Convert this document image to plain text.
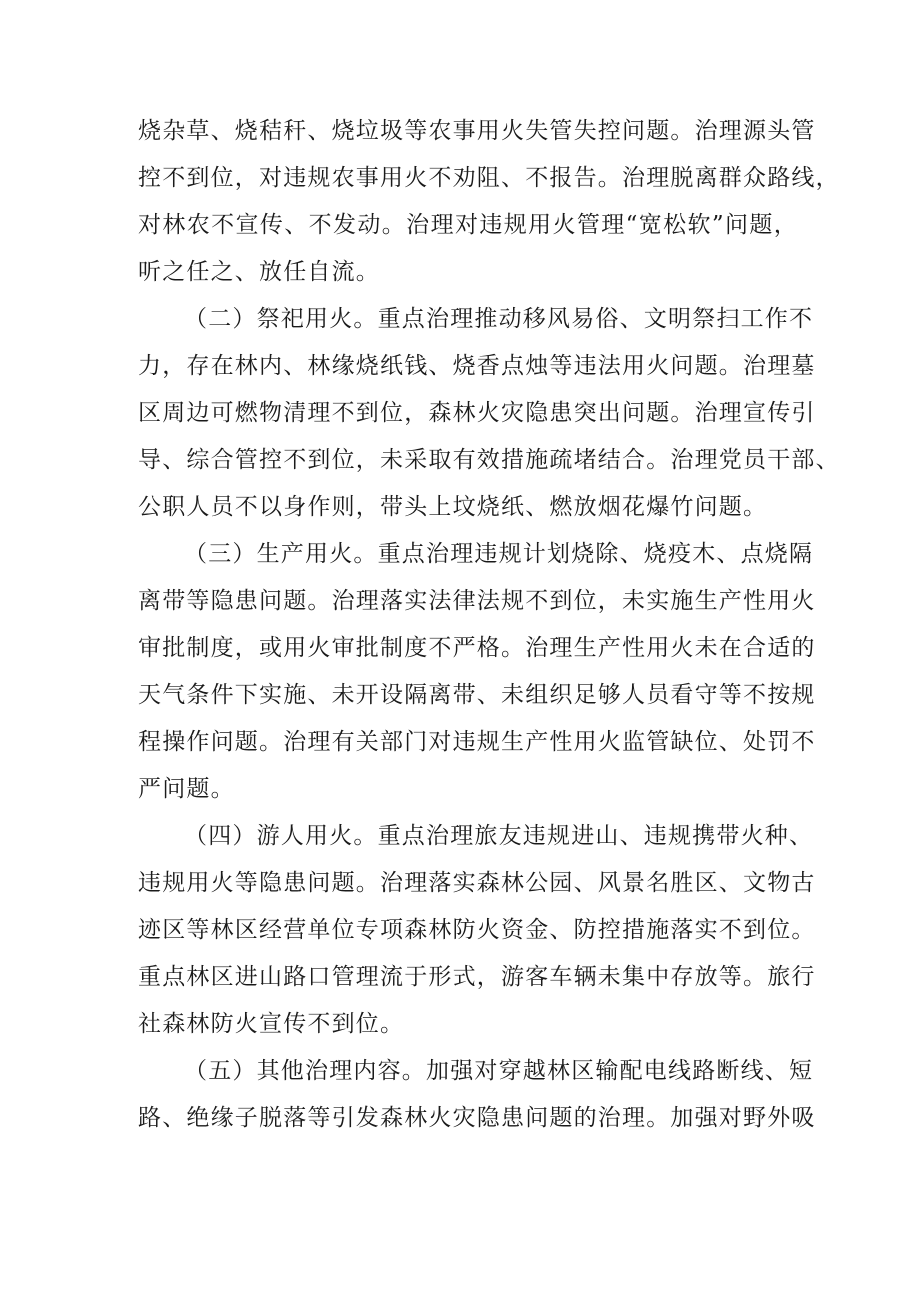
烧杂草、烧秸秆、烧垃圾等农事用火失管失控问题。治理源头管
控不到位，对违规农事用火不劝阻、不报告。治理脱离群众路线，
对林农不宣传、不发动。治理对违规用火管理“宽松软”问题，
听之任之、放任自流。
（二）祭祀用火。重点治理推动移风易俗、文明祭扫工作不
力，存在林内、林缘烧纸钱、烧香点烛等违法用火问题。治理墓
区周边可燃物清理不到位，森林火灾隐患突出问题。治理宣传引
导、综合管控不到位，未采取有效措施疏堵结合。治理党员干部、
公职人员不以身作则，带头上坟烧纸、燃放烟花爆竹问题。
（三）生产用火。重点治理违规计划烧除、烧疫木、点烧隔
离带等隐患问题。治理落实法律法规不到位，未实施生产性用火
审批制度，或用火审批制度不严格。治理生产性用火未在合适的
天气条件下实施、未开设隔离带、未组织足够人员看守等不按规
程操作问题。治理有关部门对违规生产性用火监管缺位、处罚不
严问题。
（四）游人用火。重点治理旅友违规进山、违规携带火种、
违规用火等隐患问题。治理落实森林公园、风景名胜区、文物古
迹区等林区经营单位专项森林防火资金、防控措施落实不到位。
重点林区进山路口管理流于形式，游客车辆未集中存放等。旅行
社森林防火宣传不到位。
（五）其他治理内容。加强对穿越林区输配电线路断线、短
路、绝缘子脱落等引发森林火灾隐患问题的治理。加强对野外吸
